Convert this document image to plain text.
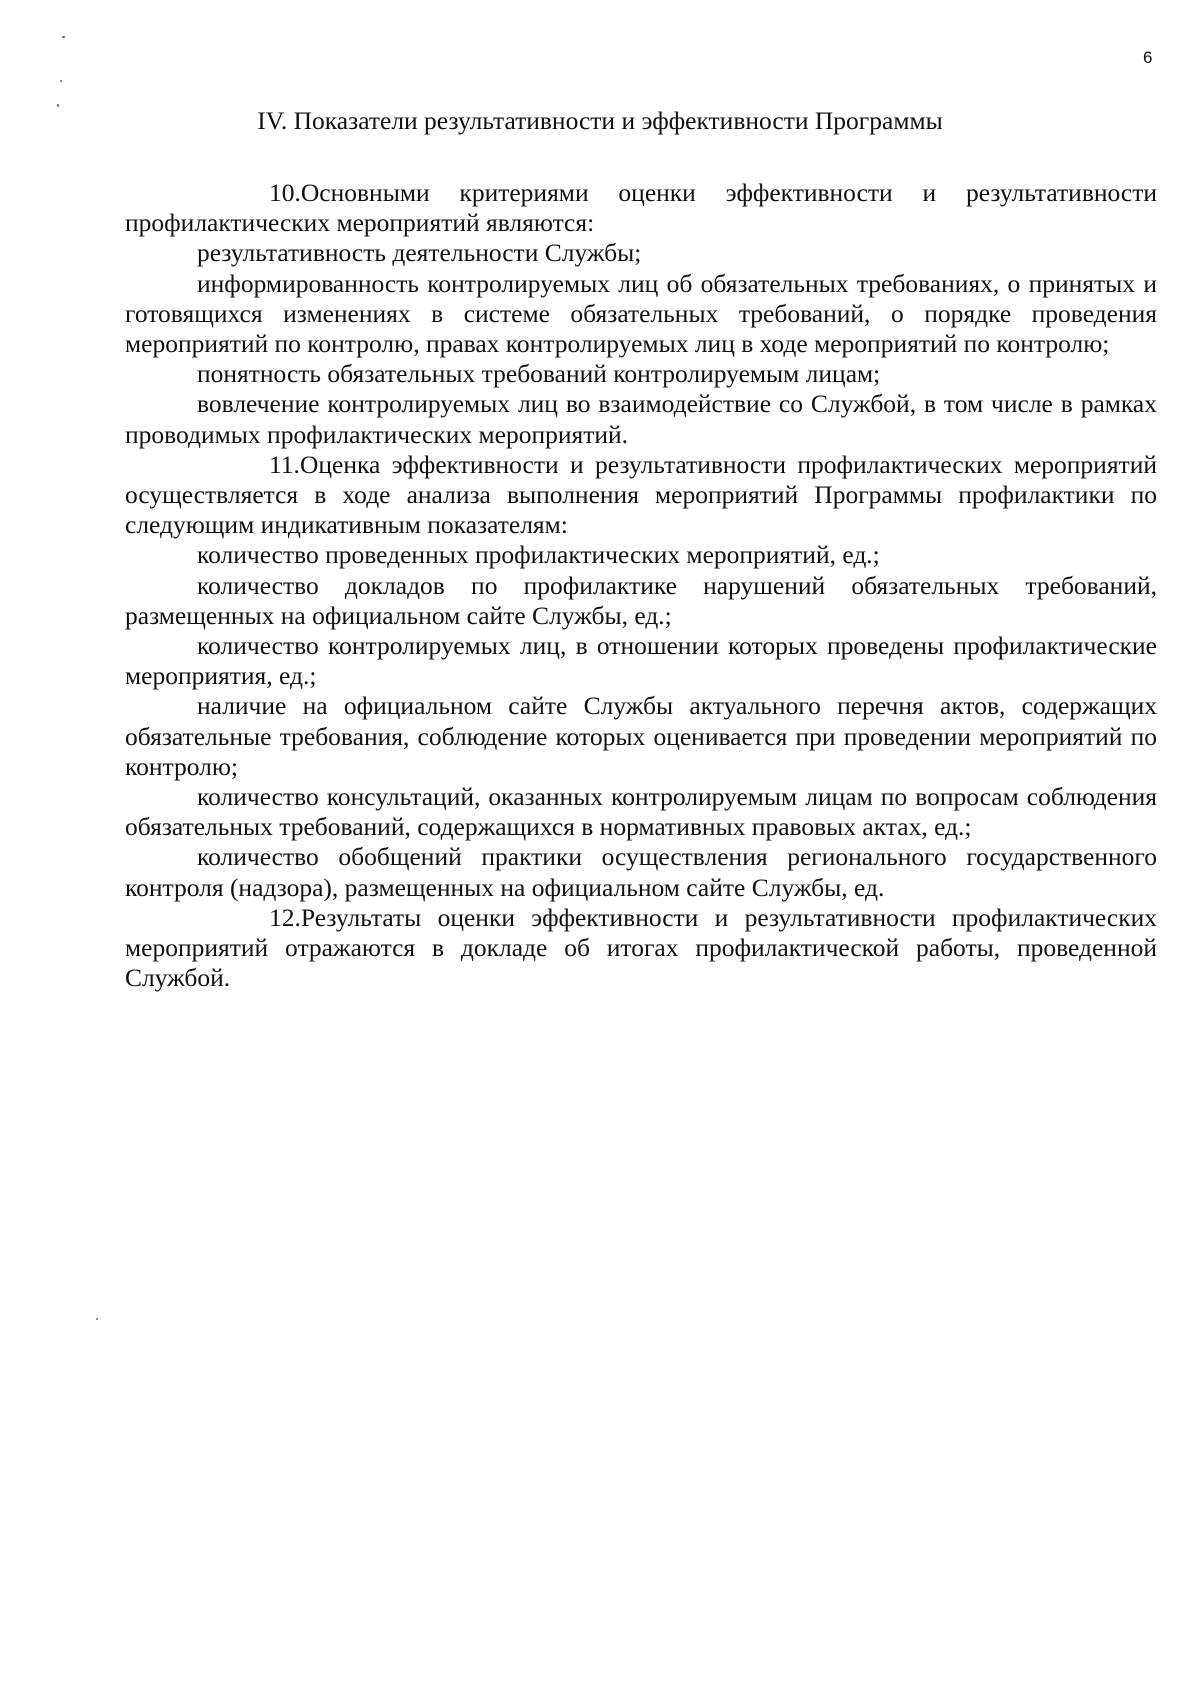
6
IV. Показатели результативности и эффективности Программы

10.Основными критериями оценки эффективности и результативности профилактических мероприятий являются:

результативность деятельности Службы;

информированность контролируемых лиц об обязательных требованиях, о принятых и готовящихся изменениях в системе обязательных требований, о порядке проведения мероприятий по контролю, правах контролируемых лиц в ходе мероприятий по контролю;

понятность обязательных требований контролируемым лицам;

вовлечение контролируемых лиц во взаимодействие со Службой, в том числе в рамках проводимых профилактических мероприятий.

11.Оценка эффективности и результативности профилактических мероприятий осуществляется в ходе анализа выполнения мероприятий Программы профилактики по следующим индикативным показателям:

количество проведенных профилактических мероприятий, ед.;

количество докладов по профилактике нарушений обязательных требований, размещенных на официальном сайте Службы, ед.;

количество контролируемых лиц, в отношении которых проведены профилактические мероприятия, ед.;

наличие на официальном сайте Службы актуального перечня актов, содержащих обязательные требования, соблюдение которых оценивается при проведении мероприятий по контролю;

количество консультаций, оказанных контролируемым лицам по вопросам соблюдения обязательных требований, содержащихся в нормативных правовых актах, ед.;

количество обобщений практики осуществления регионального государственного контроля (надзора), размещенных на официальном сайте Службы, ед.

12.Результаты оценки эффективности и результативности профилактических мероприятий отражаются в докладе об итогах профилактической работы, проведенной Службой.
